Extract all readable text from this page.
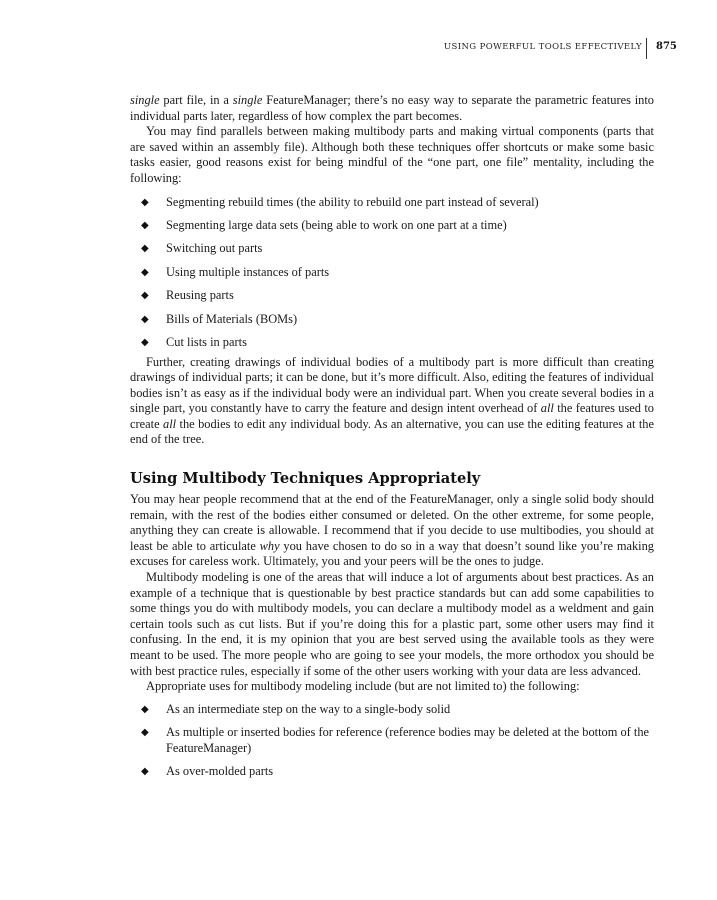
USING POWERFUL TOOLS EFFECTIVELY 875

single part file, in a single FeatureManager; there’s no easy way to separate the parametric features into individual parts later, regardless of how complex the part becomes.

You may find parallels between making multibody parts and making virtual components (parts that are saved within an assembly file). Although both these techniques offer shortcuts or make some basic tasks easier, good reasons exist for being mindful of the “one part, one file” mentality, including the following:

◆ Segmenting rebuild times (the ability to rebuild one part instead of several)
◆ Segmenting large data sets (being able to work on one part at a time)
◆ Switching out parts
◆ Using multiple instances of parts
◆ Reusing parts
◆ Bills of Materials (BOMs)
◆ Cut lists in parts

Further, creating drawings of individual bodies of a multibody part is more difficult than creating drawings of individual parts; it can be done, but it’s more difficult. Also, editing the features of individual bodies isn’t as easy as if the individual body were an individual part. When you create several bodies in a single part, you constantly have to carry the feature and design intent overhead of all the features used to create all the bodies to edit any individual body. As an alternative, you can use the editing features at the end of the tree.

Using Multibody Techniques Appropriately

You may hear people recommend that at the end of the FeatureManager, only a single solid body should remain, with the rest of the bodies either consumed or deleted. On the other extreme, for some people, anything they can create is allowable. I recommend that if you decide to use multibodies, you should at least be able to articulate why you have chosen to do so in a way that doesn’t sound like you’re making excuses for careless work. Ultimately, you and your peers will be the ones to judge.

Multibody modeling is one of the areas that will induce a lot of arguments about best practices. As an example of a technique that is questionable by best practice standards but can add some capabilities to some things you do with multibody models, you can declare a multibody model as a weldment and gain certain tools such as cut lists. But if you’re doing this for a plastic part, some other users may find it confusing. In the end, it is my opinion that you are best served using the available tools as they were meant to be used. The more people who are going to see your models, the more orthodox you should be with best practice rules, especially if some of the other users working with your data are less advanced.

Appropriate uses for multibody modeling include (but are not limited to) the following:

◆ As an intermediate step on the way to a single-body solid
◆ As multiple or inserted bodies for reference (reference bodies may be deleted at the bottom of the FeatureManager)
◆ As over-molded parts
